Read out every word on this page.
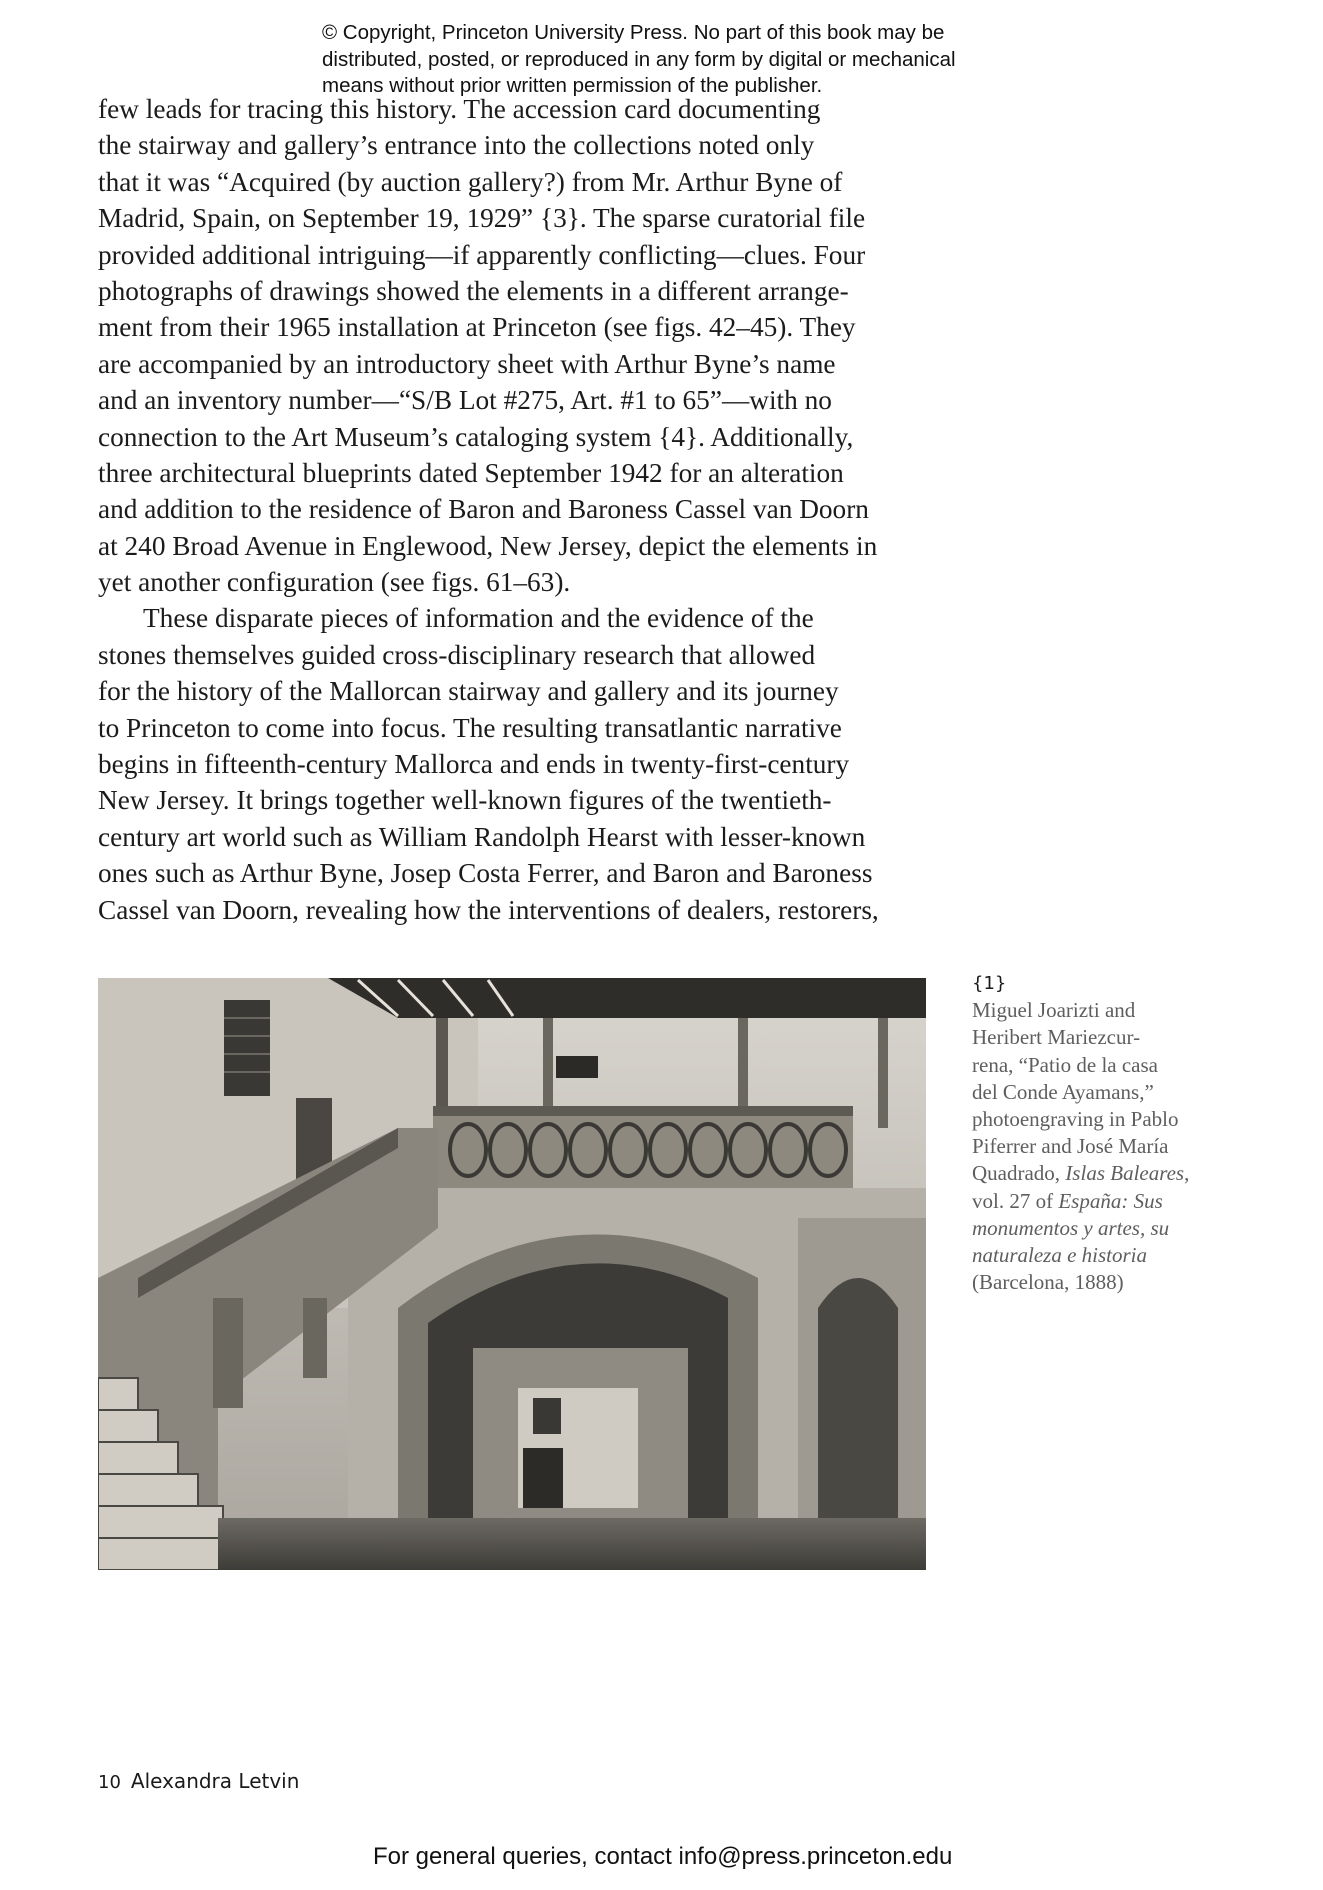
© Copyright, Princeton University Press. No part of this book may be
distributed, posted, or reproduced in any form by digital or mechanical
means without prior written permission of the publisher.
few leads for tracing this history. The accession card documenting
the stairway and gallery’s entrance into the collections noted only
that it was “Acquired (by auction gallery?) from Mr. Arthur Byne of
Madrid, Spain, on September 19, 1929” {3}. The sparse curatorial file
provided additional intriguing—if apparently conflicting—clues. Four
photographs of drawings showed the elements in a different arrange-
ment from their 1965 installation at Princeton (see figs. 42–45). They
are accompanied by an introductory sheet with Arthur Byne’s name
and an inventory number—“S/B Lot #275, Art. #1 to 65”—with no
connection to the Art Museum’s cataloging system {4}. Additionally,
three architectural blueprints dated September 1942 for an alteration
and addition to the residence of Baron and Baroness Cassel van Doorn
at 240 Broad Avenue in Englewood, New Jersey, depict the elements in
yet another configuration (see figs. 61–63).
These disparate pieces of information and the evidence of the
stones themselves guided cross-disciplinary research that allowed
for the history of the Mallorcan stairway and gallery and its journey
to Princeton to come into focus. The resulting transatlantic narrative
begins in fifteenth-century Mallorca and ends in twenty-first-century
New Jersey. It brings together well-known figures of the twentieth-
century art world such as William Randolph Hearst with lesser-known
ones such as Arthur Byne, Josep Costa Ferrer, and Baron and Baroness
Cassel van Doorn, revealing how the interventions of dealers, restorers,
{1}
Miguel Joarizti and
Heribert Mariezcur-
rena, “Patio de la casa
del Conde Ayamans,”
photoengraving in Pablo
Piferrer and José María
Quadrado, Islas Baleares,
vol. 27 of España: Sus
monumentos y artes, su
naturaleza e historia
(Barcelona, 1888)
10 Alexandra Letvin
For general queries, contact info@press.princeton.edu
